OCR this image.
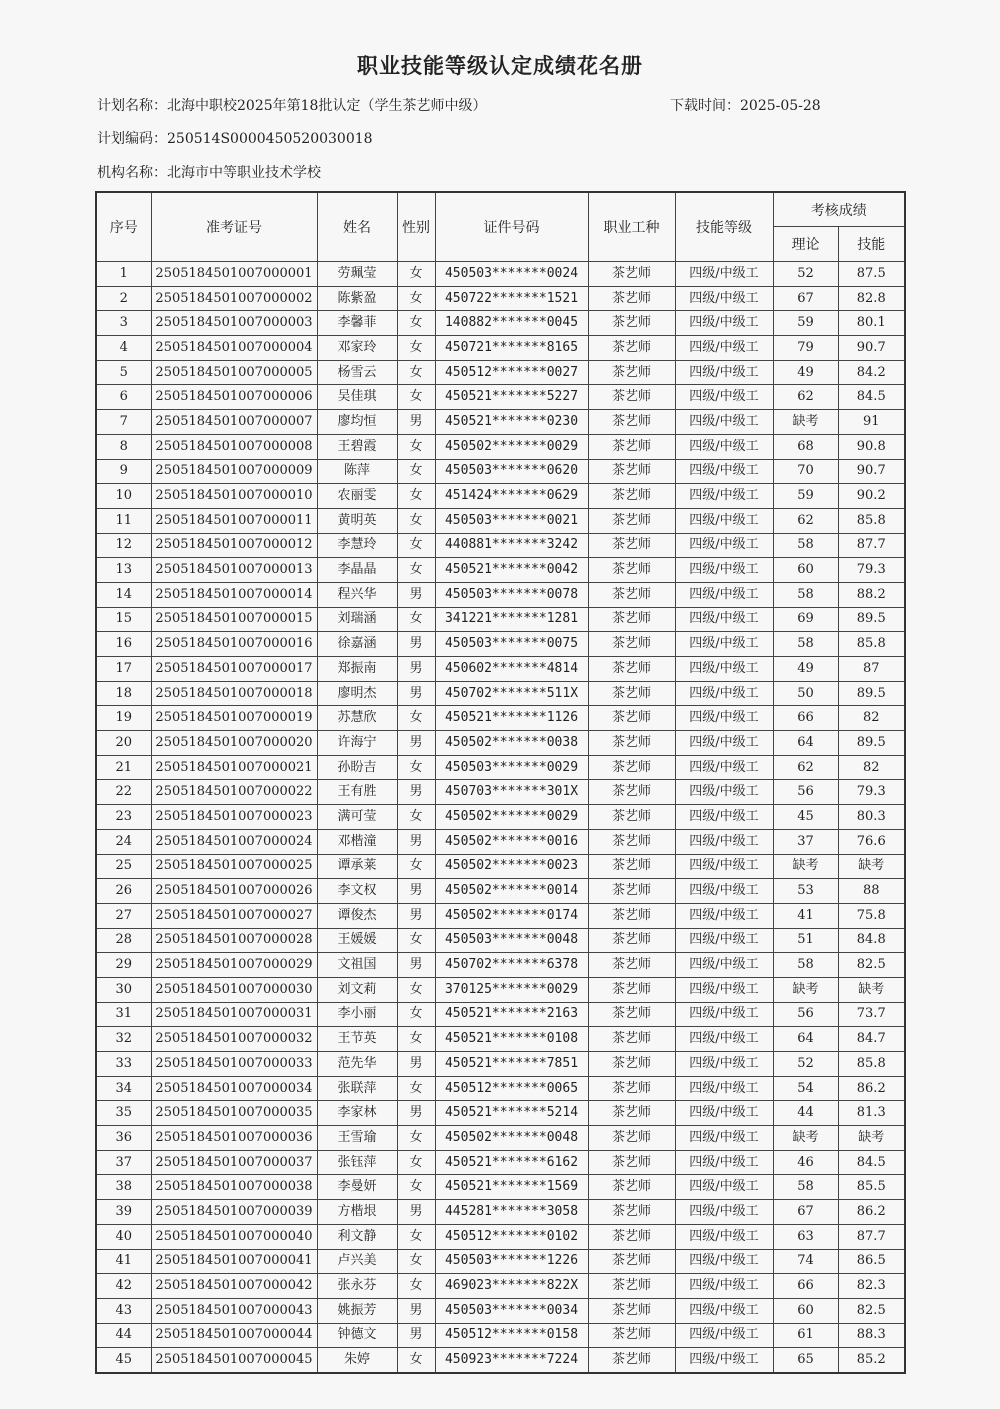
职业技能等级认定成绩花名册
计划名称：北海中职校2025年第18批认定（学生茶艺师中级）	下载时间：2025-05-28
计划编码：250514S0000450520030018
机构名称：北海市中等职业技术学校
序号	准考证号	姓名	性别	证件号码	职业工种	技能等级	考核成绩	
							理论	技能
1	2505184501007000001	劳珮莹	女	450503*******0024	茶艺师	四级/中级工	52	87.5
2	2505184501007000002	陈紫盈	女	450722*******1521	茶艺师	四级/中级工	67	82.8
3	2505184501007000003	李馨菲	女	140882*******0045	茶艺师	四级/中级工	59	80.1
4	2505184501007000004	邓家玲	女	450721*******8165	茶艺师	四级/中级工	79	90.7
5	2505184501007000005	杨雪云	女	450512*******0027	茶艺师	四级/中级工	49	84.2
6	2505184501007000006	吴佳琪	女	450521*******5227	茶艺师	四级/中级工	62	84.5
7	2505184501007000007	廖均恒	男	450521*******0230	茶艺师	四级/中级工	缺考	91
8	2505184501007000008	王碧霞	女	450502*******0029	茶艺师	四级/中级工	68	90.8
9	2505184501007000009	陈萍	女	450503*******0620	茶艺师	四级/中级工	70	90.7
10	2505184501007000010	农丽雯	女	451424*******0629	茶艺师	四级/中级工	59	90.2
11	2505184501007000011	黄明英	女	450503*******0021	茶艺师	四级/中级工	62	85.8
12	2505184501007000012	李慧玲	女	440881*******3242	茶艺师	四级/中级工	58	87.7
13	2505184501007000013	李晶晶	女	450521*******0042	茶艺师	四级/中级工	60	79.3
14	2505184501007000014	程兴华	男	450503*******0078	茶艺师	四级/中级工	58	88.2
15	2505184501007000015	刘瑞涵	女	341221*******1281	茶艺师	四级/中级工	69	89.5
16	2505184501007000016	徐嘉涵	男	450503*******0075	茶艺师	四级/中级工	58	85.8
17	2505184501007000017	郑振南	男	450602*******4814	茶艺师	四级/中级工	49	87
18	2505184501007000018	廖明杰	男	450702*******511X	茶艺师	四级/中级工	50	89.5
19	2505184501007000019	苏慧欣	女	450521*******1126	茶艺师	四级/中级工	66	82
20	2505184501007000020	许海宁	男	450502*******0038	茶艺师	四级/中级工	64	89.5
21	2505184501007000021	孙盼吉	女	450503*******0029	茶艺师	四级/中级工	62	82
22	2505184501007000022	王有胜	男	450703*******301X	茶艺师	四级/中级工	56	79.3
23	2505184501007000023	满可莹	女	450502*******0029	茶艺师	四级/中级工	45	80.3
24	2505184501007000024	邓楷潼	男	450502*******0016	茶艺师	四级/中级工	37	76.6
25	2505184501007000025	谭承莱	女	450502*******0023	茶艺师	四级/中级工	缺考	缺考
26	2505184501007000026	李文权	男	450502*******0014	茶艺师	四级/中级工	53	88
27	2505184501007000027	谭俊杰	男	450502*******0174	茶艺师	四级/中级工	41	75.8
28	2505184501007000028	王媛媛	女	450503*******0048	茶艺师	四级/中级工	51	84.8
29	2505184501007000029	文祖国	男	450702*******6378	茶艺师	四级/中级工	58	82.5
30	2505184501007000030	刘文莉	女	370125*******0029	茶艺师	四级/中级工	缺考	缺考
31	2505184501007000031	李小丽	女	450521*******2163	茶艺师	四级/中级工	56	73.7
32	2505184501007000032	王节英	女	450521*******0108	茶艺师	四级/中级工	64	84.7
33	2505184501007000033	范先华	男	450521*******7851	茶艺师	四级/中级工	52	85.8
34	2505184501007000034	张联萍	女	450512*******0065	茶艺师	四级/中级工	54	86.2
35	2505184501007000035	李家林	男	450521*******5214	茶艺师	四级/中级工	44	81.3
36	2505184501007000036	王雪瑜	女	450502*******0048	茶艺师	四级/中级工	缺考	缺考
37	2505184501007000037	张钰萍	女	450521*******6162	茶艺师	四级/中级工	46	84.5
38	2505184501007000038	李曼妍	女	450521*******1569	茶艺师	四级/中级工	58	85.5
39	2505184501007000039	方楷垠	男	445281*******3058	茶艺师	四级/中级工	67	86.2
40	2505184501007000040	利文静	女	450512*******0102	茶艺师	四级/中级工	63	87.7
41	2505184501007000041	卢兴美	女	450503*******1226	茶艺师	四级/中级工	74	86.5
42	2505184501007000042	张永芬	女	469023*******822X	茶艺师	四级/中级工	66	82.3
43	2505184501007000043	姚振芳	男	450503*******0034	茶艺师	四级/中级工	60	82.5
44	2505184501007000044	钟德文	男	450512*******0158	茶艺师	四级/中级工	61	88.3
45	2505184501007000045	朱婷	女	450923*******7224	茶艺师	四级/中级工	65	85.2
